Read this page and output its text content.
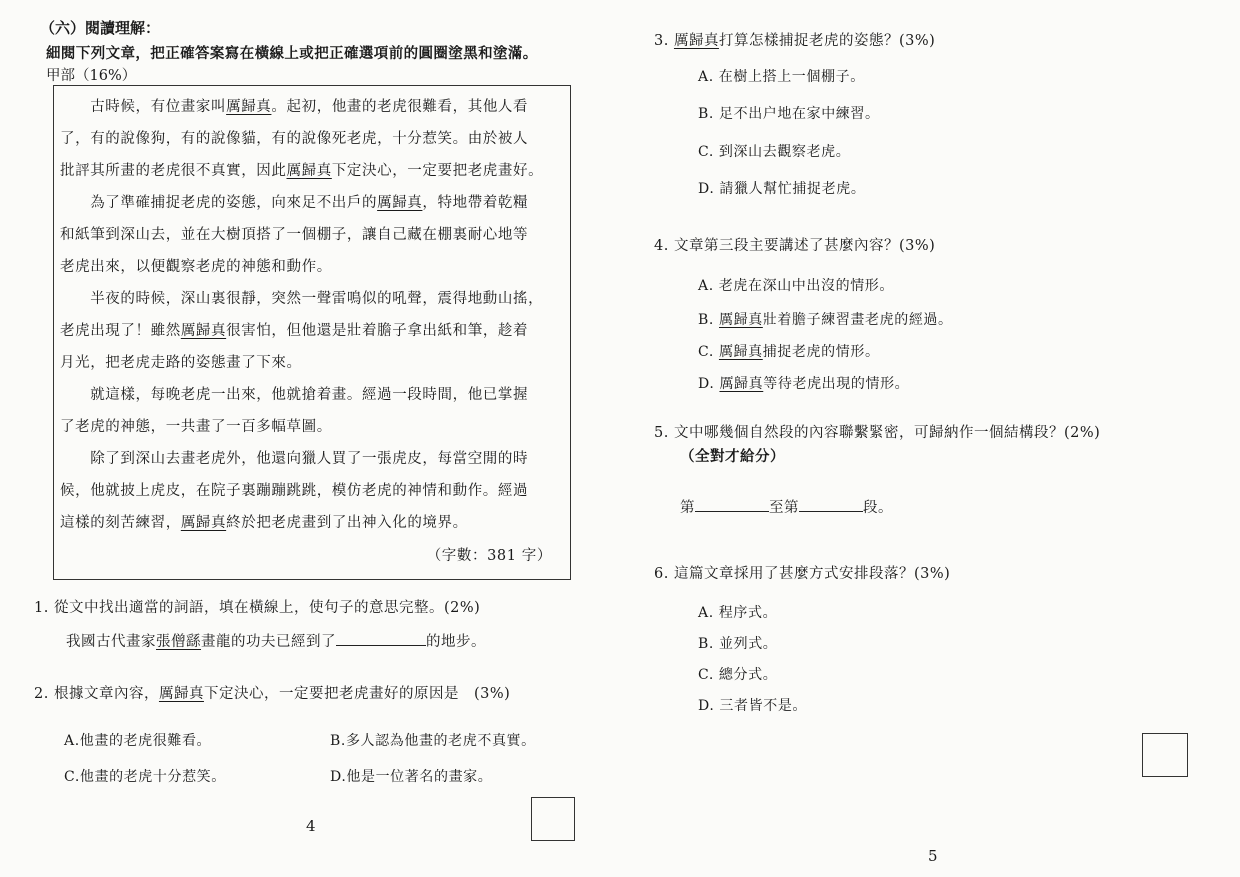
（六）閱讀理解：
細閱下列文章，把正確答案寫在橫線上或把正確選項前的圓圈塗黑和塗滿。
甲部（16%）
　　古時候，有位畫家叫厲歸真。起初，他畫的老虎很難看，其他人看
了，有的說像狗，有的說像貓，有的說像死老虎，十分惹笑。由於被人
批評其所畫的老虎很不真實，因此厲歸真下定決心，一定要把老虎畫好。
　　為了準確捕捉老虎的姿態，向來足不出戶的厲歸真，特地帶着乾糧
和紙筆到深山去，並在大樹頂搭了一個棚子，讓自己藏在棚裏耐心地等
老虎出來，以便觀察老虎的神態和動作。
　　半夜的時候，深山裏很靜，突然一聲雷鳴似的吼聲，震得地動山搖，
老虎出現了！雖然厲歸真很害怕，但他還是壯着膽子拿出紙和筆，趁着
月光，把老虎走路的姿態畫了下來。
　　就這樣，每晚老虎一出來，他就搶着畫。經過一段時間，他已掌握
了老虎的神態，一共畫了一百多幅草圖。
　　除了到深山去畫老虎外，他還向獵人買了一張虎皮，每當空閒的時
候，他就披上虎皮，在院子裏蹦蹦跳跳，模仿老虎的神情和動作。經過
這樣的刻苦練習，厲歸真終於把老虎畫到了出神入化的境界。
（字數：381 字）
1. 從文中找出適當的詞語，填在橫線上，使句子的意思完整。(2%)
我國古代畫家張僧繇畫龍的功夫已經到了	的地步。
2. 根據文章內容，厲歸真下定決心，一定要把老虎畫好的原因是　(3%)
A.他畫的老虎很難看。	B.多人認為他畫的老虎不真實。
C.他畫的老虎十分惹笑。	D.他是一位著名的畫家。
4
3. 厲歸真打算怎樣捕捉老虎的姿態？(3%)
A. 在樹上搭上一個棚子。
B. 足不出户地在家中練習。
C. 到深山去觀察老虎。
D. 請獵人幫忙捕捉老虎。
4. 文章第三段主要講述了甚麼內容？(3%)
A. 老虎在深山中出沒的情形。
B. 厲歸真壯着膽子練習畫老虎的經過。
C. 厲歸真捕捉老虎的情形。
D. 厲歸真等待老虎出現的情形。
5. 文中哪幾個自然段的內容聯繫緊密，可歸納作一個結構段？(2%)
（全對才給分）
第	至第	段。
6. 這篇文章採用了甚麼方式安排段落？(3%)
A. 程序式。
B. 並列式。
C. 總分式。
D. 三者皆不是。
5
